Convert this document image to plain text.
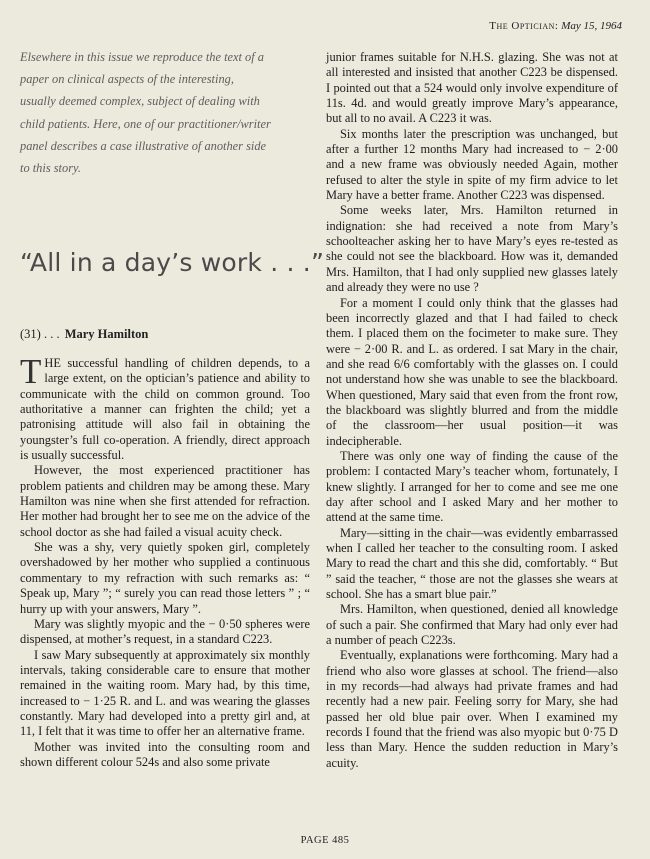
The Optician: May 15, 1964

Elsewhere in this issue we reproduce the text of a paper on clinical aspects of the interesting, usually deemed complex, subject of dealing with child patients. Here, one of our practitioner/writer panel describes a case illustrative of another side to this story.

“All in a day’s work . . .”
(31) . . . Mary Hamilton

THE successful handling of children depends, to a large extent, on the optician’s patience and ability to communicate with the child on common ground. Too authoritative a manner can frighten the child; yet a patronising attitude will also fail in obtaining the youngster’s full co-operation. A friendly, direct approach is usually successful.

However, the most experienced practitioner has problem patients and children may be among these. Mary Hamilton was nine when she first attended for refraction. Her mother had brought her to see me on the advice of the school doctor as she had failed a visual acuity check.

She was a shy, very quietly spoken girl, completely overshadowed by her mother who supplied a continuous commentary to my refraction with such remarks as: “ Speak up, Mary ”; “ surely you can read those letters ” ; “ hurry up with your answers, Mary ”.

Mary was slightly myopic and the − 0·50 spheres were dispensed, at mother’s request, in a standard C223.

I saw Mary subsequently at approximately six monthly intervals, taking considerable care to ensure that mother remained in the waiting room. Mary had, by this time, increased to − 1·25 R. and L. and was wearing the glasses constantly. Mary had developed into a pretty girl and, at 11, I felt that it was time to offer her an alternative frame.

Mother was invited into the consulting room and shown different colour 524s and also some private

junior frames suitable for N.H.S. glazing. She was not at all interested and insisted that another C223 be dispensed. I pointed out that a 524 would only involve expenditure of 11s. 4d. and would greatly improve Mary’s appearance, but all to no avail. A C223 it was.

Six months later the prescription was unchanged, but after a further 12 months Mary had increased to − 2·00 and a new frame was obviously needed Again, mother refused to alter the style in spite of my firm advice to let Mary have a better frame. Another C223 was dispensed.

Some weeks later, Mrs. Hamilton returned in indignation: she had received a note from Mary’s schoolteacher asking her to have Mary’s eyes re-tested as she could not see the blackboard. How was it, demanded Mrs. Hamilton, that I had only supplied new glasses lately and already they were no use ?

For a moment I could only think that the glasses had been incorrectly glazed and that I had failed to check them. I placed them on the focimeter to make sure. They were − 2·00 R. and L. as ordered. I sat Mary in the chair, and she read 6/6 comfortably with the glasses on. I could not understand how she was unable to see the blackboard. When questioned, Mary said that even from the front row, the blackboard was slightly blurred and from the middle of the classroom—her usual position—it was indecipherable.

There was only one way of finding the cause of the problem: I contacted Mary’s teacher whom, fortunately, I knew slightly. I arranged for her to come and see me one day after school and I asked Mary and her mother to attend at the same time.

Mary—sitting in the chair—was evidently embarrassed when I called her teacher to the consulting room. I asked Mary to read the chart and this she did, comfortably. “ But ” said the teacher, “ those are not the glasses she wears at school. She has a smart blue pair.”

Mrs. Hamilton, when questioned, denied all knowledge of such a pair. She confirmed that Mary had only ever had a number of peach C223s.

Eventually, explanations were forthcoming. Mary had a friend who also wore glasses at school. The friend—also in my records—had always had private frames and had recently had a new pair. Feeling sorry for Mary, she had passed her old blue pair over. When I examined my records I found that the friend was also myopic but 0·75 D less than Mary. Hence the sudden reduction in Mary’s acuity.

PAGE 485
